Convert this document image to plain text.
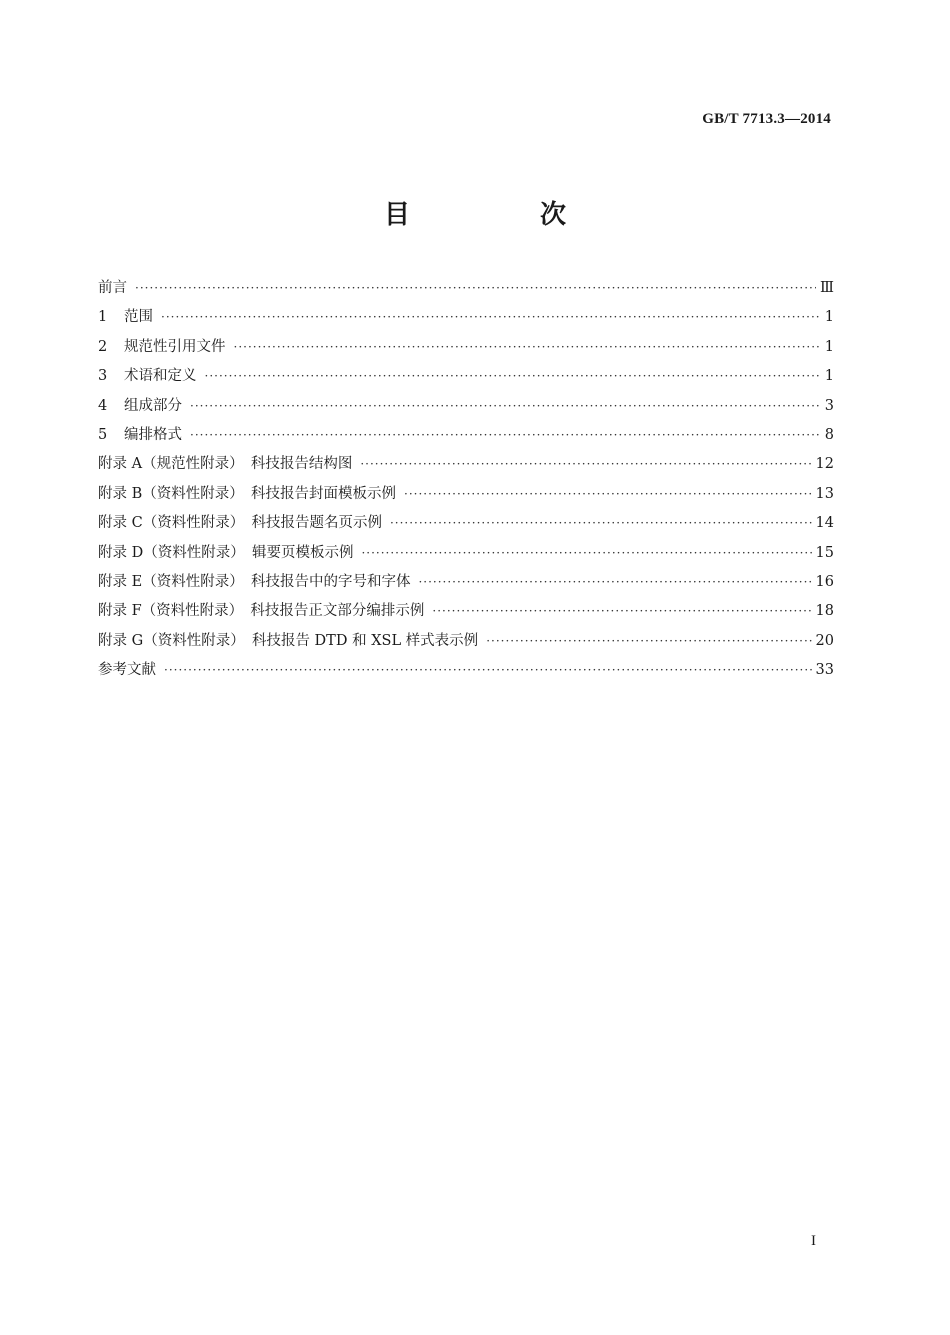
GB/T 7713.3—2014
目　次
前言 ·····	Ⅲ
1	范围 ·····	1
2	规范性引用文件 ·····	1
3	术语和定义 ·····	1
4	组成部分 ·····	3
5	编排格式 ·····	8
附录 A（规范性附录）　科技报告结构图 ·····	12
附录 B（资料性附录）　科技报告封面模板示例 ·····	13
附录 C（资料性附录）　科技报告题名页示例 ·····	14
附录 D（资料性附录）　辑要页模板示例 ·····	15
附录 E（资料性附录）　科技报告中的字号和字体 ·····	16
附录 F（资料性附录）　科技报告正文部分编排示例 ·····	18
附录 G（资料性附录）　科技报告 DTD 和 XSL 样式表示例 ·····	20
参考文献 ·····	33
I
